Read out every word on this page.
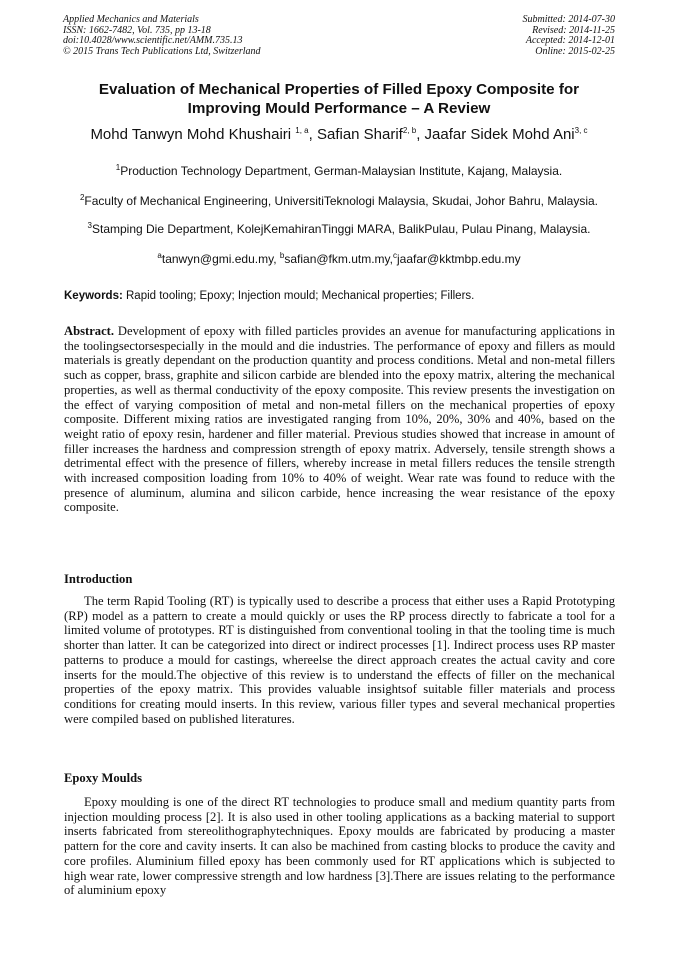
Applied Mechanics and Materials
ISSN: 1662-7482, Vol. 735, pp 13-18
doi:10.4028/www.scientific.net/AMM.735.13
© 2015 Trans Tech Publications Ltd, Switzerland
Submitted: 2014-07-30
Revised: 2014-11-25
Accepted: 2014-12-01
Online: 2015-02-25
Evaluation of Mechanical Properties of Filled Epoxy Composite for
Improving Mould Performance – A Review
Mohd Tanwyn Mohd Khushairi $^{1, a}$, Safian Sharif$^{2, b}$, Jaafar Sidek Mohd Ani$^{3, c}$
$^1$Production Technology Department, German-Malaysian Institute, Kajang, Malaysia.
$^2$Faculty of Mechanical Engineering, UniversitiTeknologi Malaysia, Skudai, Johor Bahru, Malaysia.
$^3$Stamping Die Department, KolejKemahiranTinggi MARA, BalikPulau, Pulau Pinang, Malaysia.
$^a$tanwyn@gmi.edu.my, $^b$safian@fkm.utm.my,$^c$jaafar@kktmbp.edu.my
Keywords: Rapid tooling; Epoxy; Injection mould; Mechanical properties; Fillers.
Abstract. Development of epoxy with filled particles provides an avenue for manufacturing applications in the toolingsectorsespecially in the mould and die industries. The performance of epoxy and fillers as mould materials is greatly dependant on the production quantity and process conditions. Metal and non-metal fillers such as copper, brass, graphite and silicon carbide are blended into the epoxy matrix, altering the mechanical properties, as well as thermal conductivity of the epoxy composite. This review presents the investigation on the effect of varying composition of metal and non-metal fillers on the mechanical properties of epoxy composite. Different mixing ratios are investigated ranging from 10%, 20%, 30% and 40%, based on the weight ratio of epoxy resin, hardener and filler material. Previous studies showed that increase in amount of filler increases the hardness and compression strength of epoxy matrix. Adversely, tensile strength shows a detrimental effect with the presence of fillers, whereby increase in metal fillers reduces the tensile strength with increased composition loading from 10% to 40% of weight. Wear rate was found to reduce with the presence of aluminum, alumina and silicon carbide, hence increasing the wear resistance of the epoxy composite.
Introduction
The term Rapid Tooling (RT) is typically used to describe a process that either uses a Rapid Prototyping (RP) model as a pattern to create a mould quickly or uses the RP process directly to fabricate a tool for a limited volume of prototypes. RT is distinguished from conventional tooling in that the tooling time is much shorter than latter. It can be categorized into direct or indirect processes [1]. Indirect process uses RP master patterns to produce a mould for castings, whereelse the direct approach creates the actual cavity and core inserts for the mould.The objective of this review is to understand the effects of filler on the mechanical properties of the epoxy matrix. This provides valuable insightsof suitable filler materials and process conditions for creating mould inserts. In this review, various filler types and several mechanical properties were compiled based on published literatures.
Epoxy Moulds
Epoxy moulding is one of the direct RT technologies to produce small and medium quantity parts from injection moulding process [2]. It is also used in other tooling applications as a backing material to support inserts fabricated from stereolithographytechniques. Epoxy moulds are fabricated by producing a master pattern for the core and cavity inserts. It can also be machined from casting blocks to produce the cavity and core profiles. Aluminium filled epoxy has been commonly used for RT applications which is subjected to high wear rate, lower compressive strength and low hardness [3].There are issues relating to the performance of aluminium epoxy
